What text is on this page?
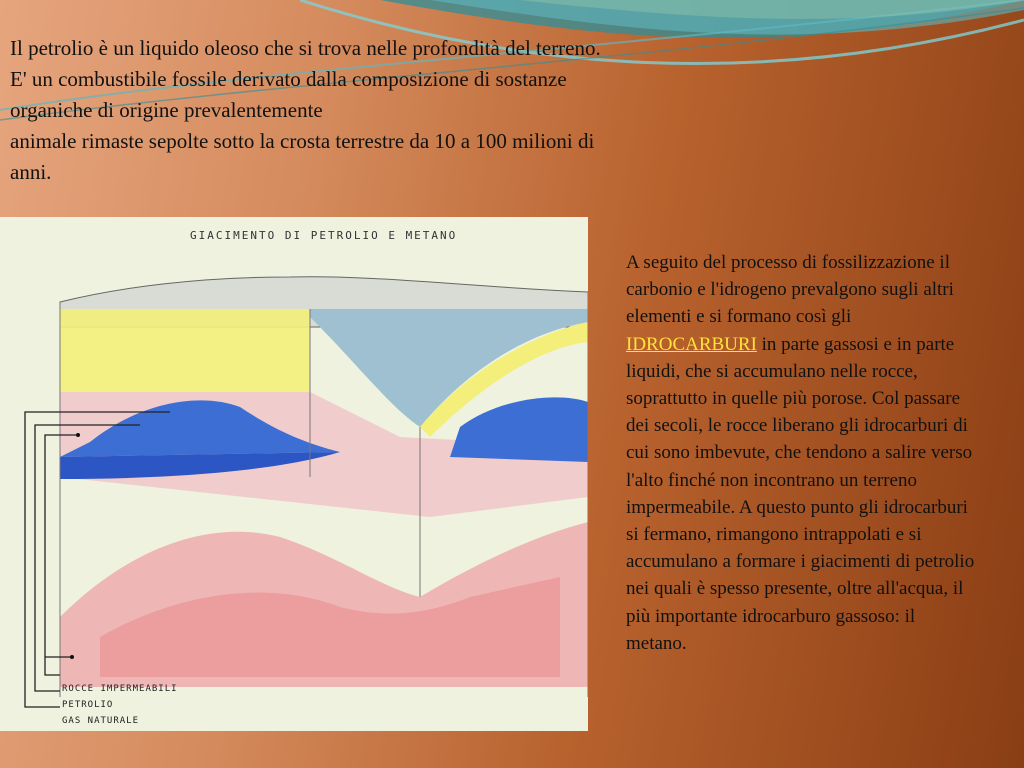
Il petrolio è un liquido oleoso che si trova nelle profondità del terreno.

E' un combustibile fossile derivato dalla composizione di sostanze organiche di origine prevalentemente

animale rimaste sepolte sotto la crosta terrestre da 10 a 100 milioni di anni.

GIACIMENTO DI PETROLIO E METANO
ROCCE IMPERMEABILI
PETROLIO
GAS NATURALE

A seguito del processo di fossilizzazione il carbonio e l'idrogeno prevalgono sugli altri elementi e si formano così gli IDROCARBURI in parte gassosi e in parte liquidi, che si accumulano nelle rocce, soprattutto in quelle più porose. Col passare dei secoli, le rocce liberano gli idrocarburi di cui sono imbevute, che tendono a salire verso l'alto finché non incontrano un terreno impermeabile. A questo punto gli idrocarburi si fermano, rimangono intrappolati e si accumulano a formare i giacimenti di petrolio nei quali è spesso presente, oltre all'acqua, il più importante idrocarburo gassoso: il metano.
